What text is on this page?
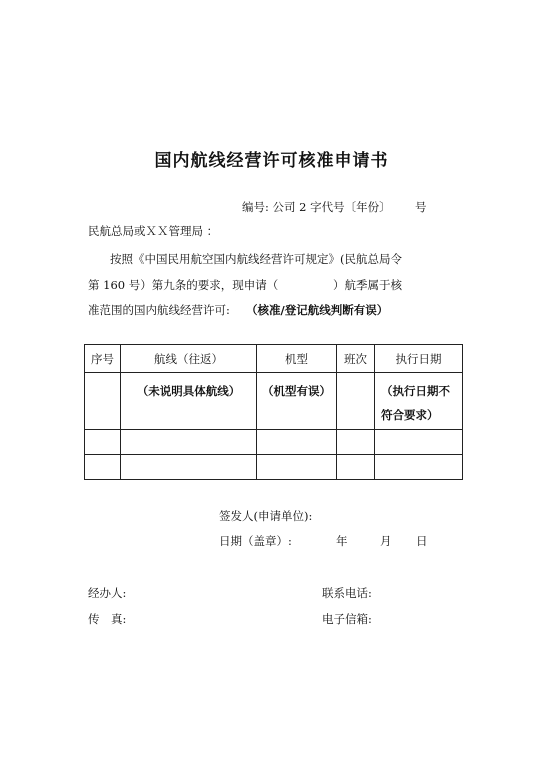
国内航线经营许可核准申请书
编号: 公司 2 字代号〔年份〕 号
民航总局或ＸＸ管理局 ：
按照《中国民用航空国内航线经营许可规定》(民航总局令
第 160 号）第九条的要求，现申请（	）航季属于核
准范围的国内航线经营许可: （核准/登记航线判断有误）
序号	航线（往返）	机型	班次	执行日期
	（未说明具体航线）	（机型有误）		（执行日期不符合要求）

签发人(申请单位):
日期（盖章）:	年	月 日
经办人:	联系电话:
传　真:	电子信箱:
